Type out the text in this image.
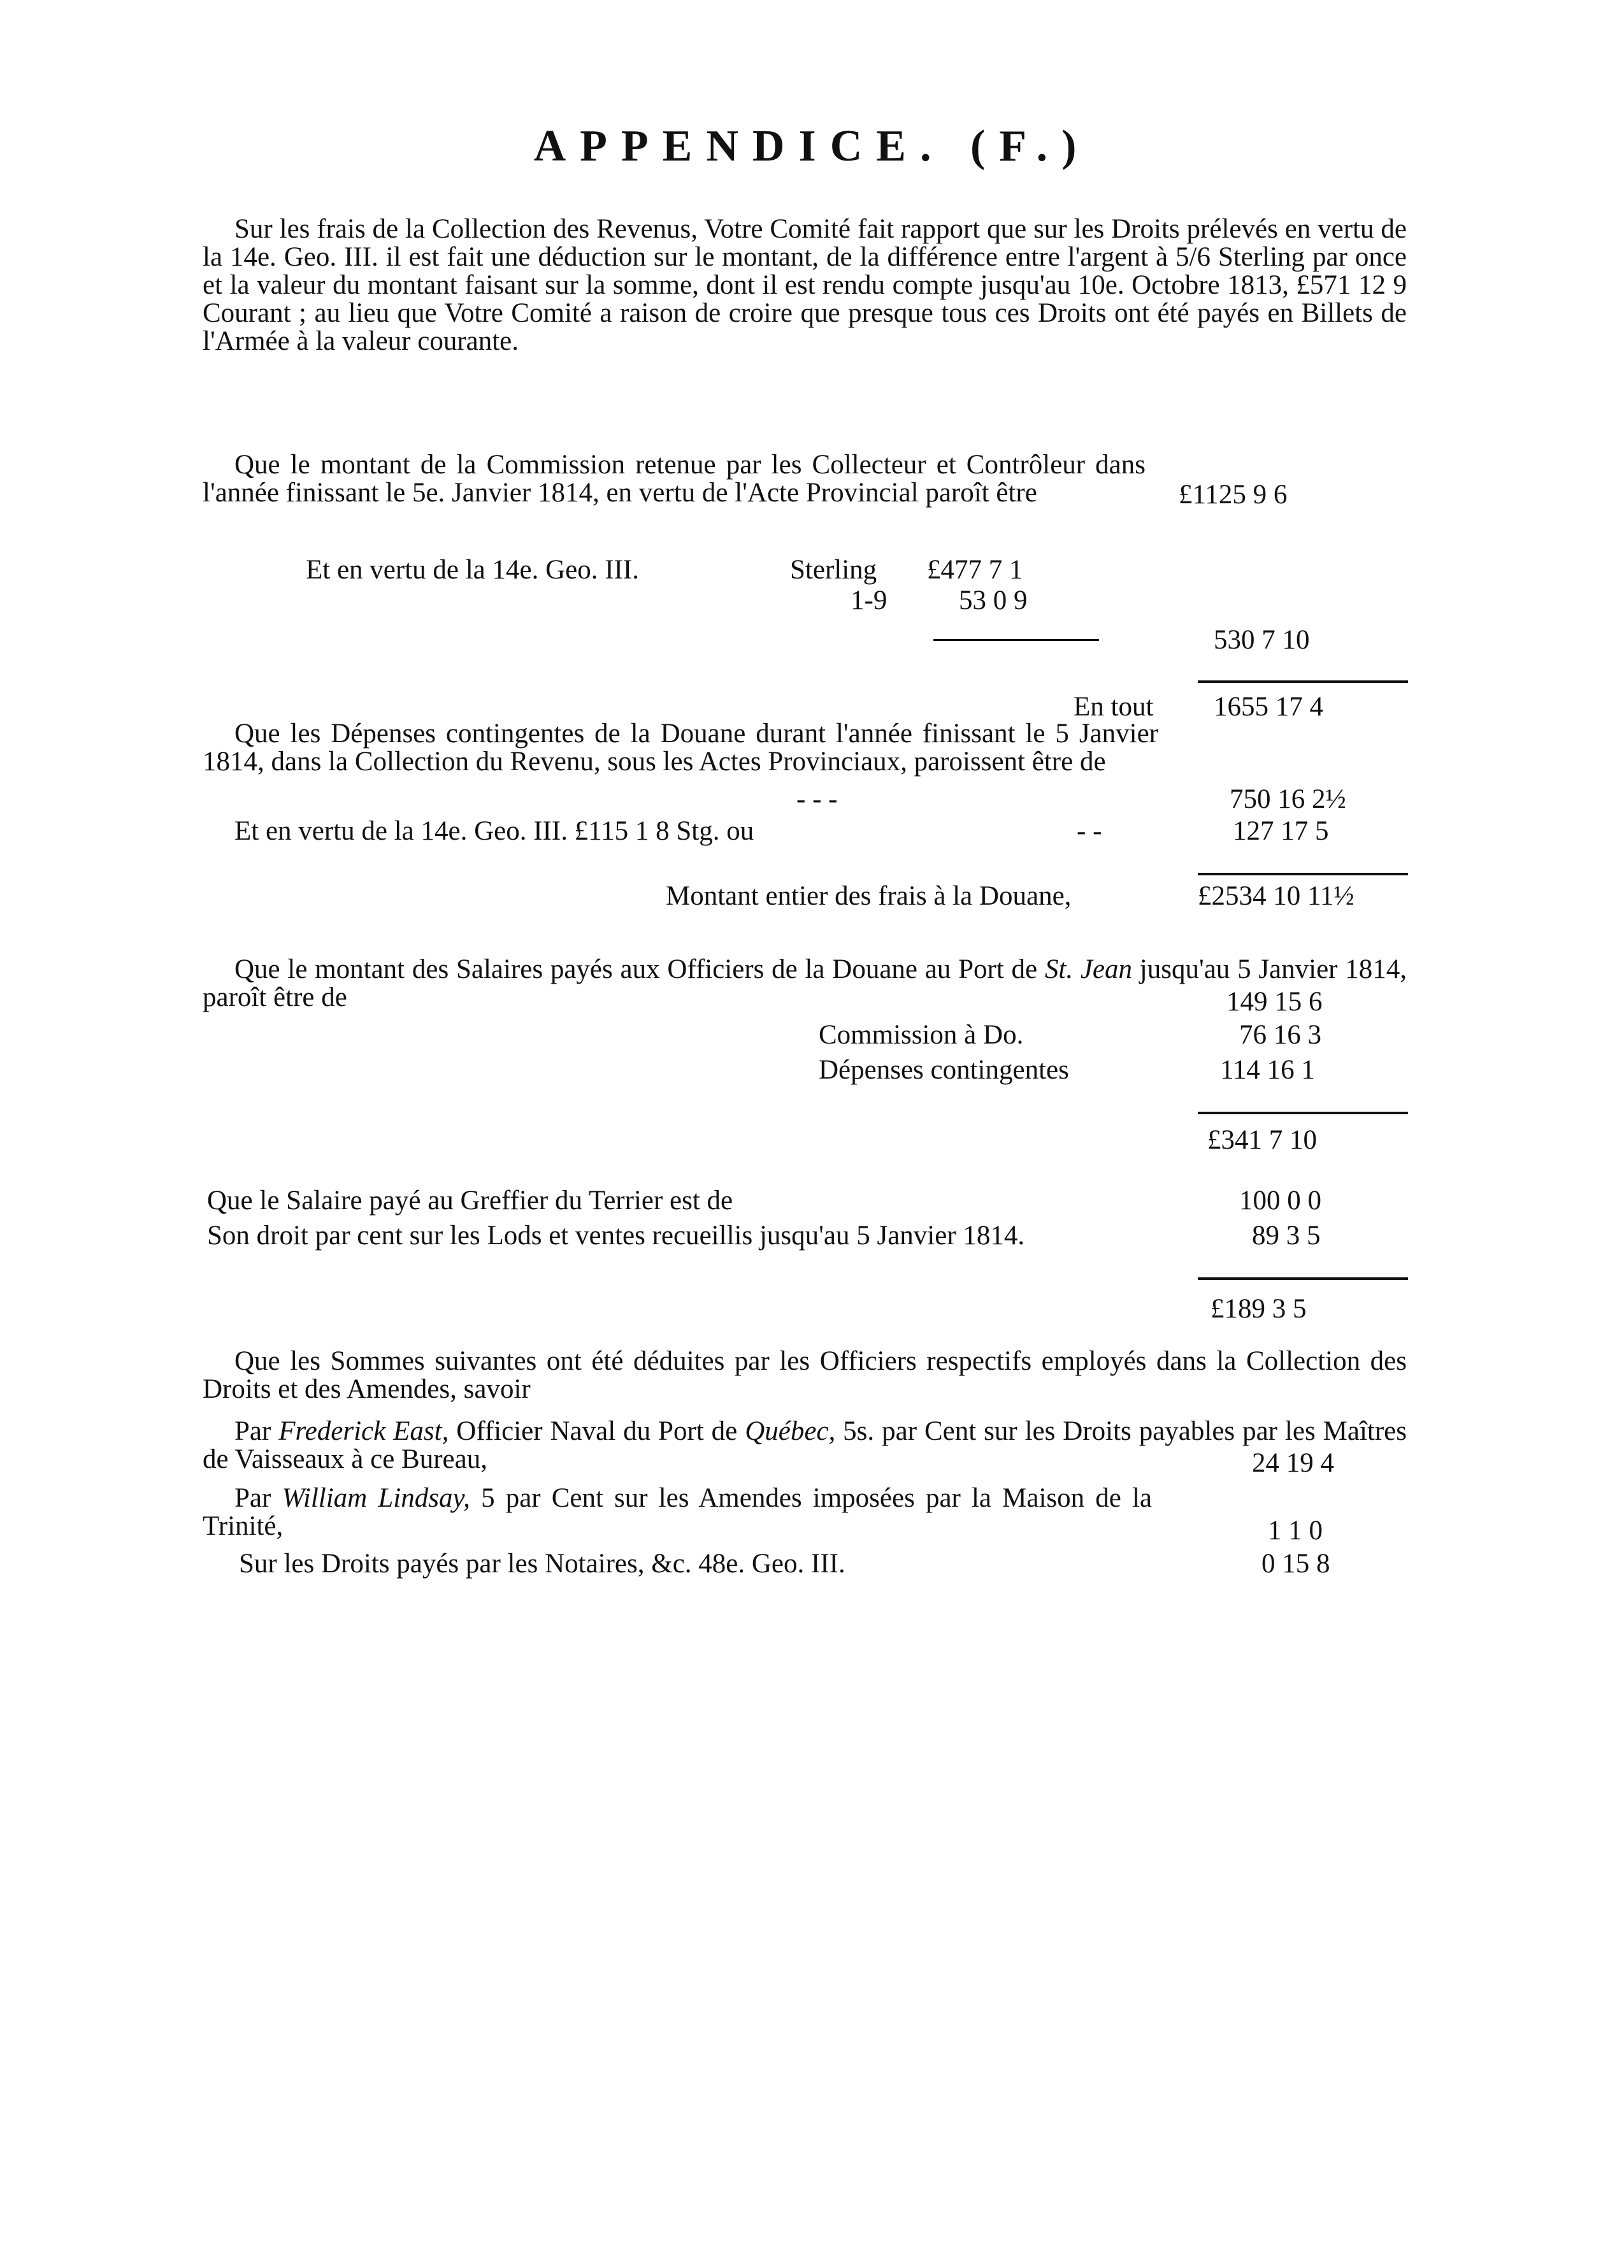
APPENDICE. (F.)
Sur les frais de la Collection des Revenus, Votre Comité fait rapport que sur les Droits prélevés en vertu de la 14e. Geo. III. il est fait une déduction sur le montant, de la différence entre l'argent à 5/6 Sterling par once et la valeur du montant faisant sur la somme, dont il est rendu compte jusqu'au 10e. Octobre 1813, £571 12 9 Courant ; au lieu que Votre Comité a raison de croire que presque tous ces Droits ont été payés en Billets de l'Armée à la valeur courante.
Que le montant de la Commission retenue par les Collecteur et Contrôleur dans l'année finissant le 5e. Janvier 1814, en vertu de l'Acte Provincial paroît être	£1125 9 6
Et en vertu de la 14e. Geo. III.	Sterling £477 7 1
1-9	53 0 9
530 7 10
En tout 1655 17 4
Que les Dépenses contingentes de la Douane durant l'année finissant le 5 Janvier 1814, dans la Collection du Revenu, sous les Actes Provinciaux, paroissent être de
- - -	750 16 2½
Et en vertu de la 14e. Geo. III. £115 1 8 Stg. ou	- -	127 17 5
Montant entier des frais à la Douane,	£2534 10 11½
Que le montant des Salaires payés aux Officiers de la Douane au Port de St. Jean jusqu'au 5 Janvier 1814, paroît être de	149 15 6
Commission à Do.	76 16 3
Dépenses contingentes	114 16 1
£341 7 10
Que le Salaire payé au Greffier du Terrier est de	100 0 0
Son droit par cent sur les Lods et ventes recueillis jusqu'au 5 Janvier 1814.	89 3 5
£189 3 5
Que les Sommes suivantes ont été déduites par les Officiers respectifs employés dans la Collection des Droits et des Amendes, savoir
Par Frederick East, Officier Naval du Port de Québec, 5s. par Cent sur les Droits payables par les Maîtres de Vaisseaux à ce Bureau,	24 19 4
Par William Lindsay, 5 par Cent sur les Amendes imposées par la Maison de la Trinité,	1 1 0
Sur les Droits payés par les Notaires, &c. 48e. Geo. III.	0 15 8
